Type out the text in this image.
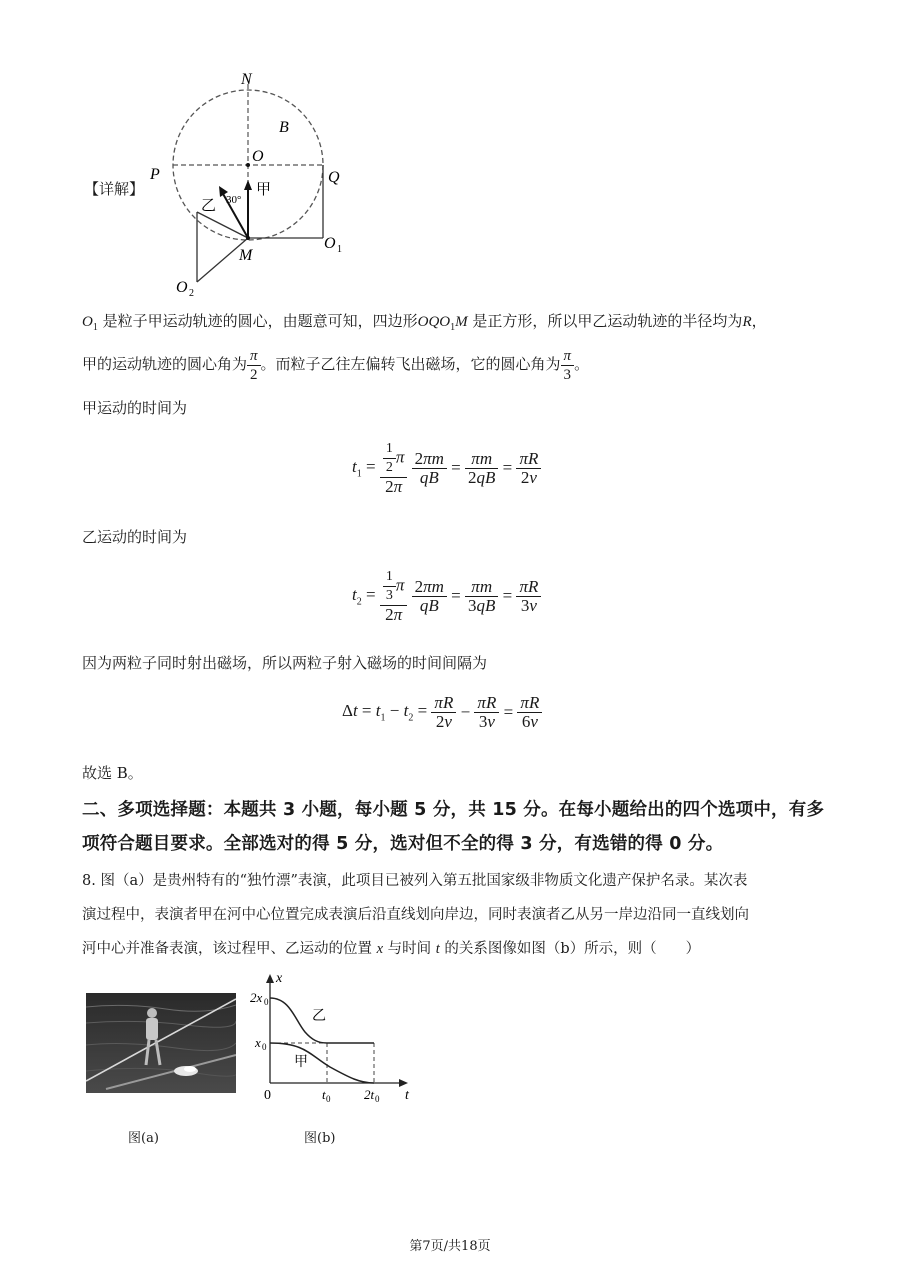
【详解】
N
B
O
P	Q
甲
乙 30°
M
O 1
O 2
$O_1$ 是粒子甲运动轨迹的圆心，由题意可知，四边形$OQO_1M$ 是正方形，所以甲乙运动轨迹的半径均为R，
甲的运动轨迹的圆心角为 $\frac{\pi}{2}$ 。而粒子乙往左偏转飞出磁场，它的圆心角为 $\frac{\pi}{3}$ 。
甲运动的时间为
$t_1 = \frac{\frac{1}{2} \pi}{2\pi}$
$\frac{2\pi m}{qB} = \frac{\pi m}{2qB} = \frac{\pi R}{2v}$
乙运动的时间为
$t_2 = \frac{\frac{1}{3} \pi}{2\pi}$
$\frac{2\pi m}{qB} = \frac{\pi m}{3qB} = \frac{\pi R}{3v}$
因为两粒子同时射出磁场，所以两粒子射入磁场的时间间隔为
$\Delta t = t_1 - t_2 = \frac{\pi R}{2v} - \frac{\pi R}{3v} = \frac{\pi R}{6v}$
故选 B。
二、多项选择题：本题共 3 小题，每小题 5 分，共 15 分。在每小题给出的四个选项中，有多
项符合题目要求。全部选对的得 5 分，选对但不全的得 3 分，有选错的得 0 分。
8. 图（a）是贵州特有的“独竹漂”表演，此项目已被列入第五批国家级非物质文化遗产保护名录。某次表
演过程中，表演者甲在河中心位置完成表演后沿直线划向岸边，同时表演者乙从另一岸边沿同一直线划向
河中心并准备表演，该过程甲、乙运动的位置 x 与时间 t 的关系图像如图（b）所示，则（　　）
x
t
0
2x 0
x 0
t 0	2t 0
乙
甲
图(a)	图(b)
第7页/共18页
